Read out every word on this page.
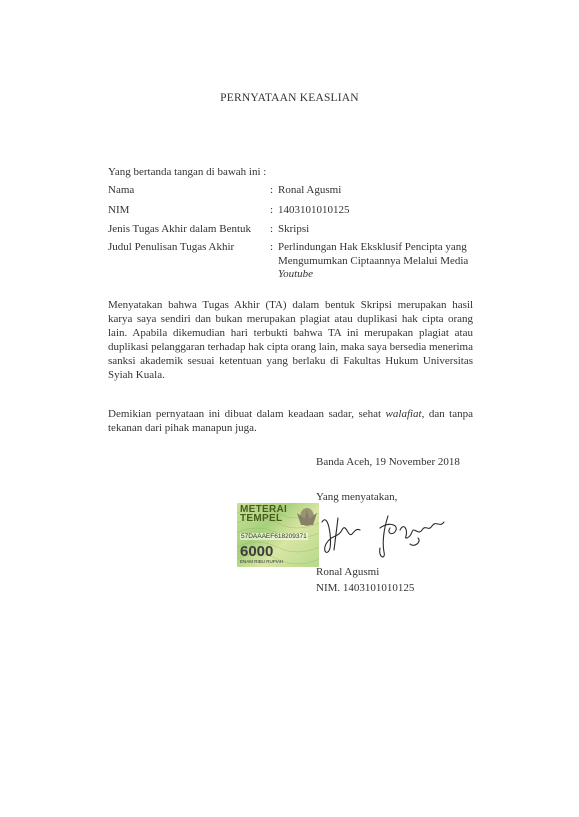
PERNYATAAN KEASLIAN
Yang bertanda tangan di bawah ini :
Nama	: Ronal Agusmi
NIM	: 1403101010125
Jenis Tugas Akhir dalam Bentuk : Skripsi
Judul Penulisan Tugas Akhir	: Perlindungan Hak Eksklusif Pencipta yang
Mengumumkan Ciptaannya Melalui Media
Youtube
Menyatakan bahwa Tugas Akhir (TA) dalam bentuk Skripsi merupakan hasil karya saya sendiri dan bukan merupakan plagiat atau duplikasi hak cipta orang lain. Apabila dikemudian hari terbukti bahwa TA ini merupakan plagiat atau duplikasi pelanggaran terhadap hak cipta orang lain, maka saya bersedia menerima sanksi akademik sesuai ketentuan yang berlaku di Fakultas Hukum Universitas Syiah Kuala.
Demikian pernyataan ini dibuat dalam keadaan sadar, sehat walafiat, dan tanpa tekanan dari pihak manapun juga.
Banda Aceh, 19 November 2018
Yang menyatakan,
METERAI
TEMPEL
57DAAAEF618209371
6000
ENAM RIBU RUPIAH
Ronal Agusmi
NIM. 1403101010125
